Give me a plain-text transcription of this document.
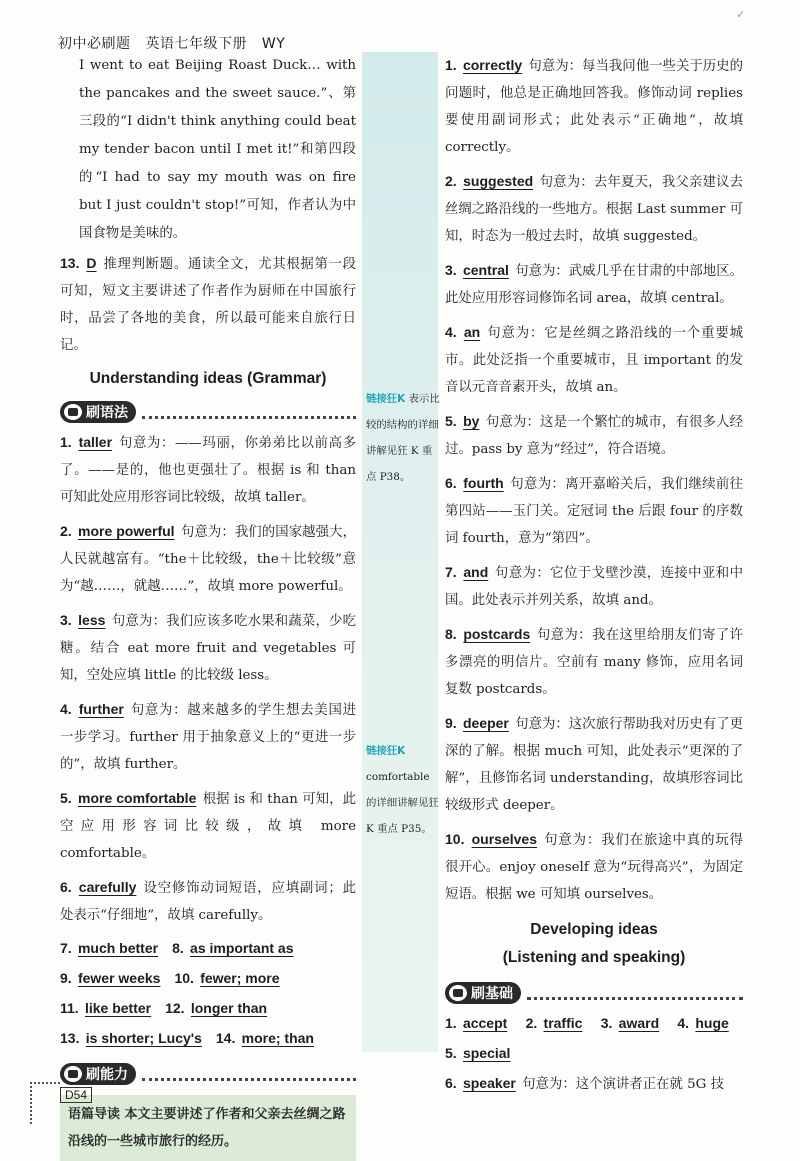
✓
初中必刷题 英语七年级下册 WY
链接狂K 表示比较的结构的详细讲解见狂 K 重点 P38。
链接狂K comfortable 的详细讲解见狂 K 重点 P35。

I went to eat Beijing Roast Duck… with the pancakes and the sweet sauce.”、第三段的“I didn't think anything could beat my tender bacon until I met it!”和第四段的“I had to say my mouth was on fire but I just couldn't stop!”可知，作者认为中国食物是美味的。

13. D 推理判断题。通读全文，尤其根据第一段可知，短文主要讲述了作者作为厨师在中国旅行时，品尝了各地的美食，所以最可能来自旅行日记。
Understanding ideas (Grammar)
刷语法
1. taller 句意为：——玛丽，你弟弟比以前高多了。——是的，他也更强壮了。根据 is 和 than 可知此处应用形容词比较级，故填 taller。
2. more powerful 句意为：我们的国家越强大，人民就越富有。“the＋比较级，the＋比较级”意为“越……，就越……”，故填 more powerful。
3. less 句意为：我们应该多吃水果和蔬菜，少吃糖。结合 eat more fruit and vegetables 可知，空处应填 little 的比较级 less。
4. further 句意为：越来越多的学生想去美国进一步学习。further 用于抽象意义上的“更进一步的”，故填 further。
5. more comfortable 根据 is 和 than 可知，此空应用形容词比较级，故填 more comfortable。
6. carefully 设空修饰动词短语，应填副词；此处表示“仔细地”，故填 carefully。
7. much better 8. as important as
9. fewer weeks 10. fewer; more
11. like better 12. longer than
13. is shorter; Lucy's 14. more; than
刷能力
语篇导读 本文主要讲述了作者和父亲去丝绸之路沿线的一些城市旅行的经历。
1. correctly 句意为：每当我问他一些关于历史的问题时，他总是正确地回答我。修饰动词 replies 要使用副词形式；此处表示“正确地”，故填 correctly。
2. suggested 句意为：去年夏天，我父亲建议去丝绸之路沿线的一些地方。根据 Last summer 可知，时态为一般过去时，故填 suggested。
3. central 句意为：武威几乎在甘肃的中部地区。此处应用形容词修饰名词 area，故填 central。
4. an 句意为：它是丝绸之路沿线的一个重要城市。此处泛指一个重要城市，且 important 的发音以元音音素开头，故填 an。
5. by 句意为：这是一个繁忙的城市，有很多人经过。pass by 意为“经过”，符合语境。
6. fourth 句意为：离开嘉峪关后，我们继续前往第四站——玉门关。定冠词 the 后跟 four 的序数词 fourth，意为“第四”。
7. and 句意为：它位于戈壁沙漠，连接中亚和中国。此处表示并列关系，故填 and。
8. postcards 句意为：我在这里给朋友们寄了许多漂亮的明信片。空前有 many 修饰，应用名词复数 postcards。
9. deeper 句意为：这次旅行帮助我对历史有了更深的了解。根据 much 可知，此处表示“更深的了解”，且修饰名词 understanding，故填形容词比较级形式 deeper。
10. ourselves 句意为：我们在旅途中真的玩得很开心。enjoy oneself 意为“玩得高兴”，为固定短语。根据 we 可知填 ourselves。
Developing ideas
(Listening and speaking)
刷基础
1. accept 2. traffic 3. award 4. huge
5. special
6. speaker 句意为：这个演讲者正在就 5G 技
D54
